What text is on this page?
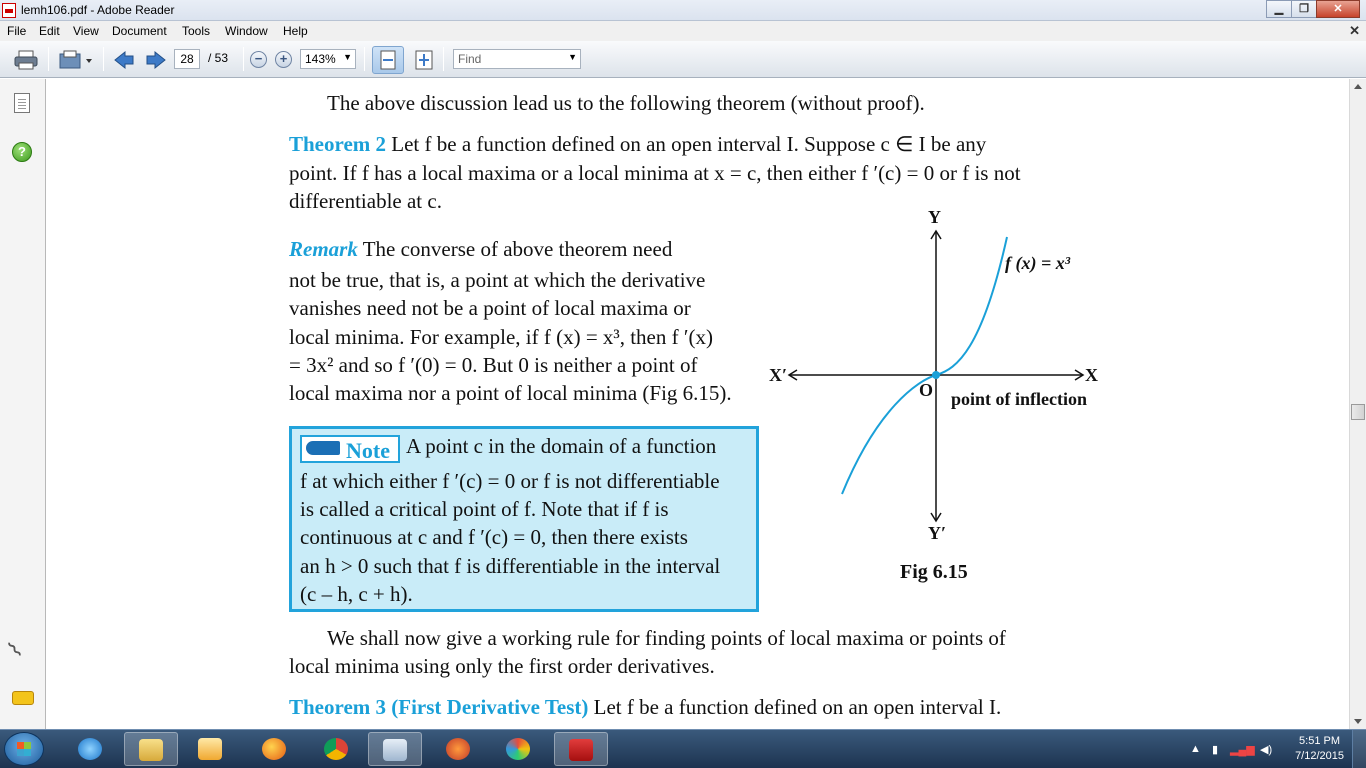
lemh106.pdf - Adobe Reader	▁	❐	✕
File Edit View Document Tools Window Help	✕
28	/ 53 − +	143% ▼	Find	▼
?
⌇
The above discussion lead us to the following theorem (without proof).
Theorem 2 Let f be a function defined on an open interval I. Suppose c ∈ I be any
point. If f has a local maxima or a local minima at x = c, then either f ′(c) = 0 or f is not
differentiable at c.
Remark The converse of above theorem need
not be true, that is, a point at which the derivative
vanishes need not be a point of local maxima or
local minima. For example, if f (x) = x³, then f ′(x)
= 3x² and so f ′(0) = 0. But 0 is neither a point of
local maxima nor a point of local minima (Fig 6.15).
Note A point c in the domain of a function
f at which either f ′(c) = 0 or f is not differentiable
is called a critical point of f. Note that if f is
continuous at c and f ′(c) = 0, then there exists
an h > 0 such that f is differentiable in the interval
(c – h, c + h).
Y
Y′
X
X′
O
f (x) = x³
point of inflection
Fig 6.15
We shall now give a working rule for finding points of local maxima or points of
local minima using only the first order derivatives.
Theorem 3 (First Derivative Test) Let f be a function defined on an open interval I.
▲ ▮ ▂▄▆ ◀)
5:51 PM
7/12/2015
